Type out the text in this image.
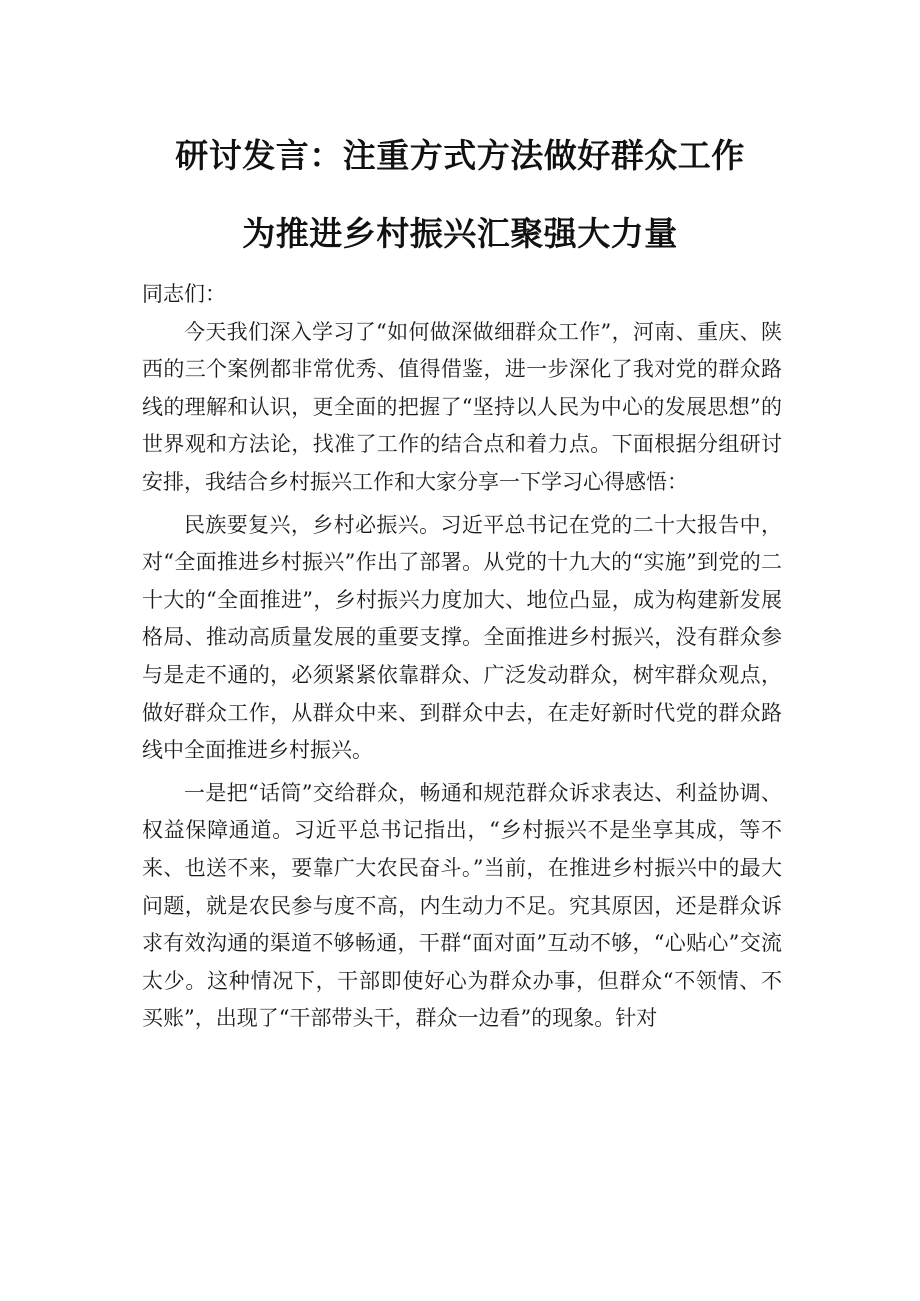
研讨发言：注重方式方法做好群众工作
为推进乡村振兴汇聚强大力量

同志们：

今天我们深入学习了“如何做深做细群众工作”，河南、重庆、陕西的三个案例都非常优秀、值得借鉴，进一步深化了我对党的群众路线的理解和认识，更全面的把握了“坚持以人民为中心的发展思想”的世界观和方法论，找准了工作的结合点和着力点。下面根据分组研讨安排，我结合乡村振兴工作和大家分享一下学习心得感悟：

民族要复兴，乡村必振兴。习近平总书记在党的二十大报告中，对“全面推进乡村振兴”作出了部署。从党的十九大的“实施”到党的二十大的“全面推进”，乡村振兴力度加大、地位凸显，成为构建新发展格局、推动高质量发展的重要支撑。全面推进乡村振兴，没有群众参与是走不通的，必须紧紧依靠群众、广泛发动群众，树牢群众观点，做好群众工作，从群众中来、到群众中去，在走好新时代党的群众路线中全面推进乡村振兴。

一是把“话筒”交给群众，畅通和规范群众诉求表达、利益协调、权益保障通道。习近平总书记指出，“乡村振兴不是坐享其成，等不来、也送不来，要靠广大农民奋斗。”当前，在推进乡村振兴中的最大问题，就是农民参与度不高，内生动力不足。究其原因，还是群众诉求有效沟通的渠道不够畅通，干群“面对面”互动不够，“心贴心”交流太少。这种情况下，干部即使好心为群众办事，但群众“不领情、不买账”，出现了“干部带头干，群众一边看”的现象。针对
